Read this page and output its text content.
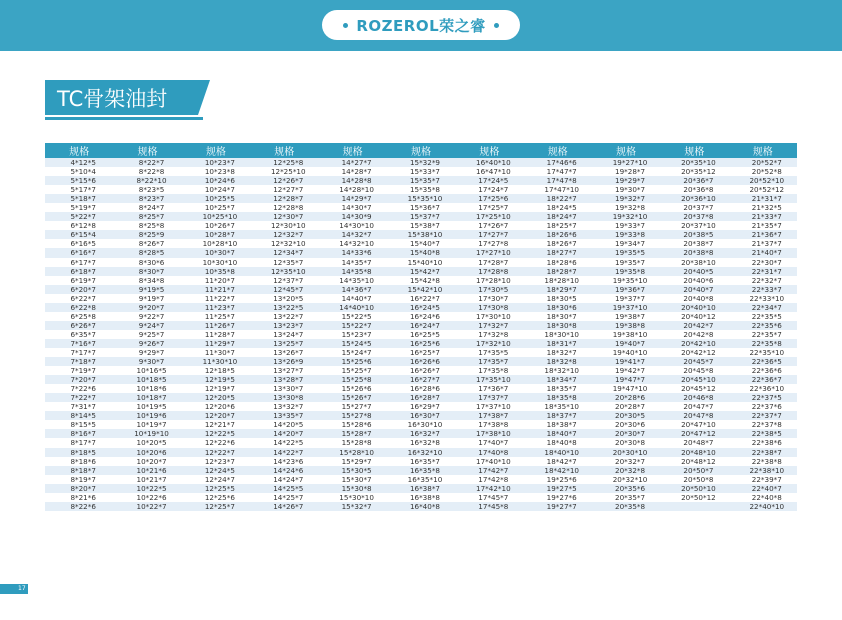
ROZEROL荣之睿
TC骨架油封
规格	规格	规格	规格	规格	规格	规格	规格	规格	规格	规格
4*12*5	8*22*7	10*23*7	12*25*8	14*27*7	15*32*9	16*40*10	17*46*6	19*27*10	20*35*10	20*52*7
5*10*4	8*22*8	10*23*8	12*25*10	14*28*7	15*33*7	16*47*10	17*47*7	19*28*7	20*35*12	20*52*8
5*15*6	8*22*10	10*24*6	12*26*7	14*28*8	15*35*7	17*24*5	17*47*8	19*29*7	20*36*7	20*52*10
5*17*7	8*23*5	10*24*7	12*27*7	14*28*10	15*35*8	17*24*7	17*47*10	19*30*7	20*36*8	20*52*12
5*18*7	8*23*7	10*25*5	12*28*7	14*29*7	15*35*10	17*25*6	18*22*7	19*32*7	20*36*10	21*31*7
5*19*7	8*24*7	10*25*7	12*28*8	14*30*7	15*36*7	17*25*7	18*24*5	19*32*8	20*37*7	21*32*5
5*22*7	8*25*7	10*25*10	12*30*7	14*30*9	15*37*7	17*25*10	18*24*7	19*32*10	20*37*8	21*33*7
6*12*8	8*25*8	10*26*7	12*30*10	14*30*10	15*38*7	17*26*7	18*25*7	19*33*7	20*37*10	21*35*7
6*15*4	8*25*9	10*28*7	12*32*7	14*32*7	15*38*10	17*27*7	18*26*6	19*33*8	20*38*5	21*36*7
6*16*5	8*26*7	10*28*10	12*32*10	14*32*10	15*40*7	17*27*8	18*26*7	19*34*7	20*38*7	21*37*7
6*16*7	8*28*5	10*30*7	12*34*7	14*33*6	15*40*8	17*27*10	18*27*7	19*35*5	20*38*8	21*40*7
6*17*7	8*30*6	10*30*10	12*35*7	14*35*7	15*40*10	17*28*7	18*28*6	19*35*7	20*38*10	22*30*7
6*18*7	8*30*7	10*35*8	12*35*10	14*35*8	15*42*7	17*28*8	18*28*7	19*35*8	20*40*5	22*31*7
6*19*7	8*34*8	11*20*7	12*37*7	14*35*10	15*42*8	17*28*10	18*28*10	19*35*10	20*40*6	22*32*7
6*20*7	9*19*5	11*21*7	12*45*7	14*36*7	15*42*10	17*30*5	18*29*7	19*36*7	20*40*7	22*33*7
6*22*7	9*19*7	11*22*7	13*20*5	14*40*7	16*22*7	17*30*7	18*30*5	19*37*7	20*40*8	22*33*10
6*22*8	9*20*7	11*23*7	13*22*5	14*40*10	16*24*5	17*30*8	18*30*6	19*37*10	20*40*10	22*34*7
6*25*8	9*22*7	11*25*7	13*22*7	15*22*5	16*24*6	17*30*10	18*30*7	19*38*7	20*40*12	22*35*5
6*26*7	9*24*7	11*26*7	13*23*7	15*22*7	16*24*7	17*32*7	18*30*8	19*38*8	20*42*7	22*35*6
6*35*7	9*25*7	11*28*7	13*24*7	15*23*7	16*25*5	17*32*8	18*30*10	19*38*10	20*42*8	22*35*7
7*16*7	9*26*7	11*29*7	13*25*7	15*24*5	16*25*6	17*32*10	18*31*7	19*40*7	20*42*10	22*35*8
7*17*7	9*29*7	11*30*7	13*26*7	15*24*7	16*25*7	17*35*5	18*32*7	19*40*10	20*42*12	22*35*10
7*18*7	9*30*7	11*30*10	13*26*9	15*25*6	16*26*6	17*35*7	18*32*8	19*41*7	20*45*7	22*36*5
7*19*7	10*16*5	12*18*5	13*27*7	15*25*7	16*26*7	17*35*8	18*32*10	19*42*7	20*45*8	22*36*6
7*20*7	10*18*5	12*19*5	13*28*7	15*25*8	16*27*7	17*35*10	18*34*7	19*47*7	20*45*10	22*36*7
7*22*6	10*18*6	12*19*7	13*30*7	15*26*6	16*28*6	17*36*7	18*35*7	19*47*10	20*45*12	22*36*10
7*22*7	10*18*7	12*20*5	13*30*8	15*26*7	16*28*7	17*37*7	18*35*8	20*28*6	20*46*8	22*37*5
7*31*7	10*19*5	12*20*6	13*32*7	15*27*7	16*29*7	17*37*10	18*35*10	20*28*7	20*47*7	22*37*6
8*14*5	10*19*6	12*20*7	13*35*7	15*27*8	16*30*7	17*38*7	18*37*7	20*30*5	20*47*8	22*37*7
8*15*5	10*19*7	12*21*7	14*20*5	15*28*6	16*30*10	17*38*8	18*38*7	20*30*6	20*47*10	22*37*8
8*16*7	10*19*10	12*22*5	14*20*7	15*28*7	16*32*7	17*38*10	18*40*7	20*30*7	20*47*12	22*38*5
8*17*7	10*20*5	12*22*6	14*22*5	15*28*8	16*32*8	17*40*7	18*40*8	20*30*8	20*48*7	22*38*6
8*18*5	10*20*6	12*22*7	14*22*7	15*28*10	16*32*10	17*40*8	18*40*10	20*30*10	20*48*10	22*38*7
8*18*6	10*20*7	12*23*7	14*23*6	15*29*7	16*35*7	17*40*10	18*42*7	20*32*7	20*48*12	22*38*8
8*18*7	10*21*6	12*24*5	14*24*6	15*30*5	16*35*8	17*42*7	18*42*10	20*32*8	20*50*7	22*38*10
8*19*7	10*21*7	12*24*7	14*24*7	15*30*7	16*35*10	17*42*8	19*25*6	20*32*10	20*50*8	22*39*7
8*20*7	10*22*5	12*25*5	14*25*5	15*30*8	16*38*7	17*42*10	19*27*5	20*35*6	20*50*10	22*40*7
8*21*6	10*22*6	12*25*6	14*25*7	15*30*10	16*38*8	17*45*7	19*27*6	20*35*7	20*50*12	22*40*8
8*22*6	10*22*7	12*25*7	14*26*7	15*32*7	16*40*8	17*45*8	19*27*7	20*35*8		22*40*10
17
